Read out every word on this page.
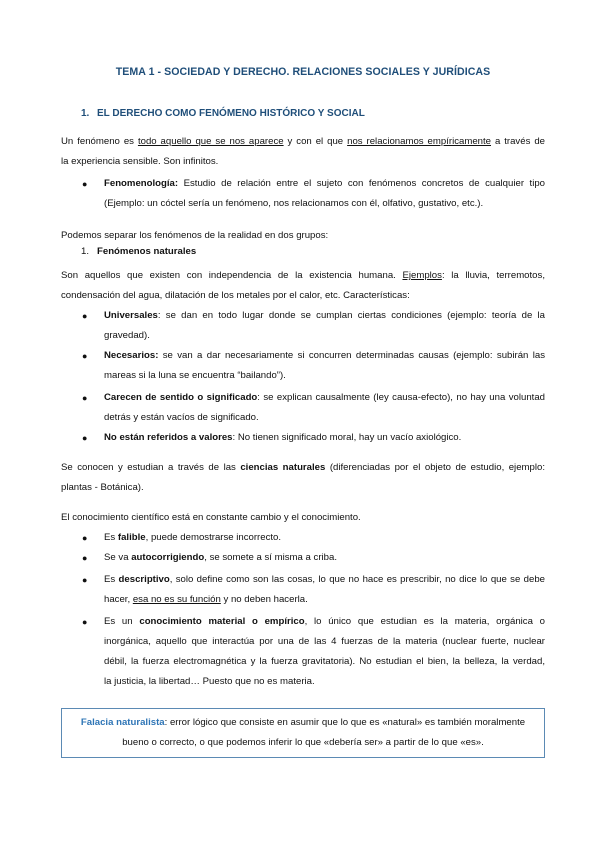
TEMA 1 - SOCIEDAD Y DERECHO. RELACIONES SOCIALES Y JURÍDICAS
1. EL DERECHO COMO FENÓMENO HISTÓRICO Y SOCIAL
Un fenómeno es todo aquello que se nos aparece y con el que nos relacionamos empíricamente a través de
la experiencia sensible. Son infinitos.
● Fenomenología: Estudio de relación entre el sujeto con fenómenos concretos de cualquier tipo
(Ejemplo: un cóctel sería un fenómeno, nos relacionamos con él, olfativo, gustativo, etc.).
Podemos separar los fenómenos de la realidad en dos grupos:
1. Fenómenos naturales
Son aquellos que existen con independencia de la existencia humana. Ejemplos: la lluvia, terremotos,
condensación del agua, dilatación de los metales por el calor, etc. Características:
● Universales: se dan en todo lugar donde se cumplan ciertas condiciones (ejemplo: teoría de la
gravedad).
● Necesarios: se van a dar necesariamente si concurren determinadas causas (ejemplo: subirán las
mareas si la luna se encuentra “bailando”).
● Carecen de sentido o significado: se explican causalmente (ley causa-efecto), no hay una voluntad
detrás y están vacíos de significado.
● No están referidos a valores: No tienen significado moral, hay un vacío axiológico.
Se conocen y estudian a través de las ciencias naturales (diferenciadas por el objeto de estudio, ejemplo:
plantas - Botánica).
El conocimiento científico está en constante cambio y el conocimiento.
● Es falible, puede demostrarse incorrecto.
● Se va autocorrigiendo, se somete a sí misma a criba.
● Es descriptivo, solo define como son las cosas, lo que no hace es prescribir, no dice lo que se debe
hacer, esa no es su función y no deben hacerla.
● Es un conocimiento material o empírico, lo único que estudian es la materia, orgánica o
inorgánica, aquello que interactúa por una de las 4 fuerzas de la materia (nuclear fuerte, nuclear
débil, la fuerza electromagnética y la fuerza gravitatoria). No estudian el bien, la belleza, la verdad,
la justicia, la libertad… Puesto que no es materia.
Falacia naturalista: error lógico que consiste en asumir que lo que es «natural» es también moralmente
bueno o correcto, o que podemos inferir lo que «debería ser» a partir de lo que «es».
